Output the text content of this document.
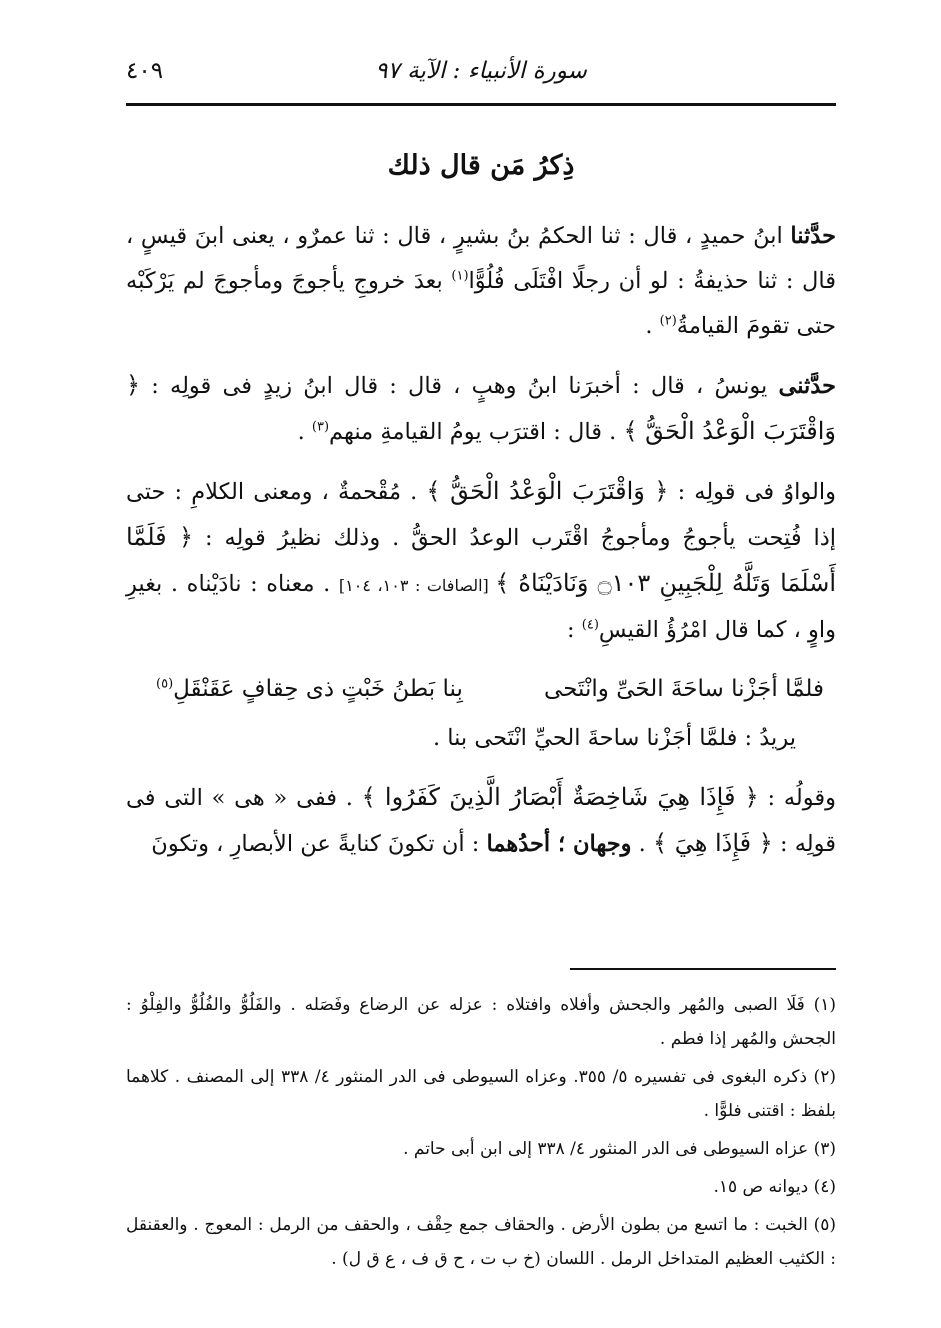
سورة الأنبياء : الآية ٩٧
٤٠٩
ذِكرُ مَن قال ذلك

حدَّثنا ابنُ حميدٍ ، قال : ثنا الحكمُ بنُ بشيرٍ ، قال : ثنا عمرٌو ، يعنى ابنَ قيسٍ ، قال : ثنا حذيفةُ : لو أن رجلًا افْتَلَى فُلُوًّا$^{(١)}$ بعدَ خروجِ يأجوجَ ومأجوجَ لم يَرْكَبْه حتى تقومَ القيامةُ$^{(٢)}$ .

حدَّثنى يونسُ ، قال : أخبرَنا ابنُ وهبٍ ، قال : قال ابنُ زيدٍ فى قولِه : ﴿ وَاقْتَرَبَ الْوَعْدُ الْحَقُّ ﴾ . قال : اقترَب يومُ القيامةِ منهم$^{(٣)}$ .

والواوُ فى قولِه : ﴿ وَاقْتَرَبَ الْوَعْدُ الْحَقُّ ﴾ . مُقْحمةٌ ، ومعنى الكلامِ : حتى إذا فُتِحت يأجوجُ ومأجوجُ اقْتَرب الوعدُ الحقُّ . وذلك نظيرُ قولِه : ﴿ فَلَمَّا أَسْلَمَا وَتَلَّهُ لِلْجَبِينِ ۝١٠٣ وَنَادَيْنَاهُ ﴾ [الصافات : ١٠٣، ١٠٤] . معناه : نادَيْناه . بغيرِ واوٍ ، كما قال امْرُؤُ القيسِ$^{(٤)}$ :

فلمَّا أجَزْنا ساحَةَ الحَىِّ وانْتَحى
بِنا بَطنُ خَبْتٍ ذى حِقافٍ عَقَنْقَلِ$^{(٥)}$

يريدُ : فلمَّا أجَزْنا ساحةَ الحيِّ انْتَحى بنا .

وقولُه : ﴿ فَإِذَا هِيَ شَاخِصَةٌ أَبْصَارُ الَّذِينَ كَفَرُوا ﴾ . ففى « هى » التى فى قولِه : ﴿ فَإِذَا هِيَ ﴾ . وجهان ؛ أحدُهما : أن تكونَ كنايةً عن الأبصارِ ، وتكونَ

(١) فَلَا الصبى والمُهر والجحش وأفلاه وافتلاه : عزله عن الرضاع وفَصَله . والفَلُوُّ والفُلُوُّ والفِلْوُ : الجحش والمُهر إذا فطم .

(٢) ذكره البغوى فى تفسيره ٥/ ٣٥٥. وعزاه السيوطى فى الدر المنثور ٤/ ٣٣٨ إلى المصنف . كلاهما بلفظ : اقتنى فلوًّا .

(٣) عزاه السيوطى فى الدر المنثور ٤/ ٣٣٨ إلى ابن أبى حاتم .

(٤) ديوانه ص ١٥.

(٥) الخبت : ما اتسع من بطون الأرض . والحقاف جمع حِقْف ، والحقف من الرمل : المعوج . والعقنقل : الكثيب العظيم المتداخل الرمل . اللسان (خ ب ت ، ح ق ف ، ع ق ل) .
